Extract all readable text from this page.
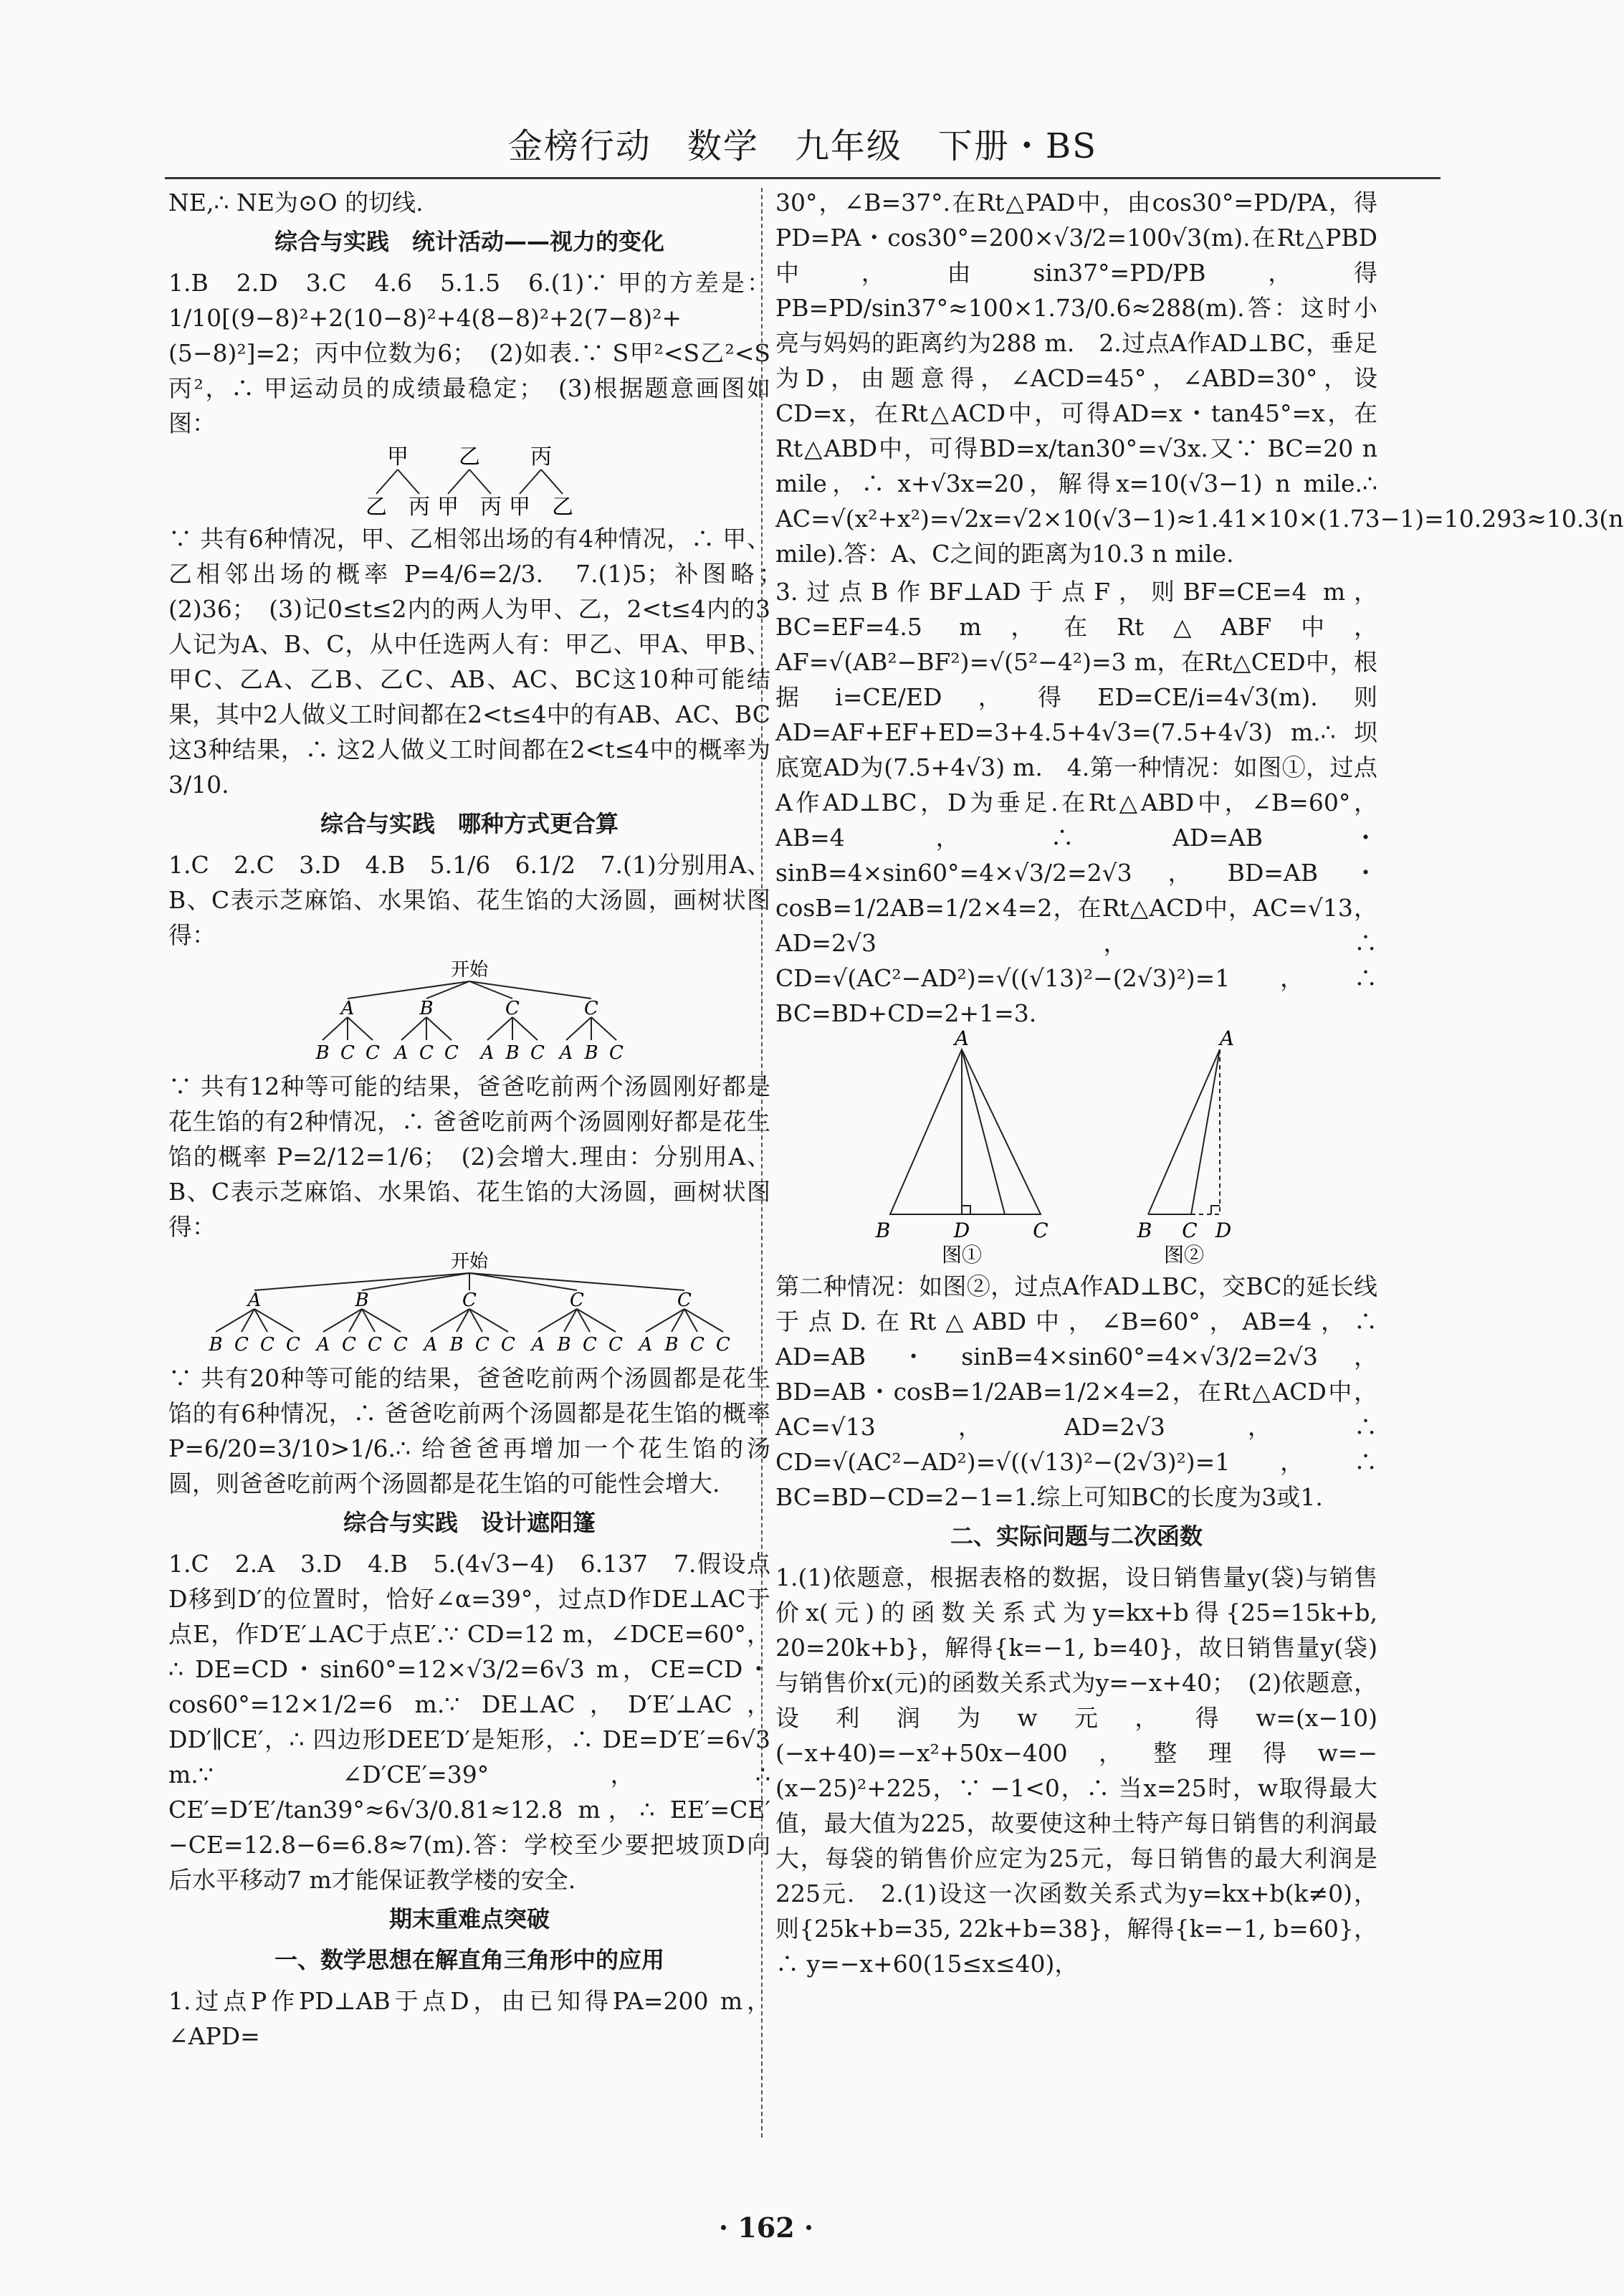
金榜行动　数学　九年级　下册・BS

NE,∴ NE为⊙O 的切线.

综合与实践　统计活动——视力的变化

1.B　2.D　3.C　4.6　5.1.5　6.(1)∵ 甲的方差是：1/10[(9−8)²+2(10−8)²+4(8−8)²+2(7−8)²+(5−8)²]=2；丙中位数为6；　(2)如表.∵ S甲²<S乙²<S丙²，∴ 甲运动员的成绩最稳定；　(3)根据题意画图如图：

甲 乙 丙
乙 丙 甲 丙 甲 乙

∵ 共有6种情况，甲、乙相邻出场的有4种情况，∴ 甲、乙相邻出场的概率 P=4/6=2/3.　7.(1)5；补图略；　(2)36；　(3)记0≤t≤2内的两人为甲、乙，2<t≤4内的3人记为A、B、C，从中任选两人有：甲乙、甲A、甲B、甲C、乙A、乙B、乙C、AB、AC、BC这10种可能结果，其中2人做义工时间都在2<t≤4中的有AB、AC、BC这3种结果，∴ 这2人做义工时间都在2<t≤4中的概率为3/10.

综合与实践　哪种方式更合算

1.C　2.C　3.D　4.B　5.1/6　6.1/2　7.(1)分别用A、B、C表示芝麻馅、水果馅、花生馅的大汤圆，画树状图得：

开始
A	B	C	C
B C C A C C A B C A B C

∵ 共有12种等可能的结果，爸爸吃前两个汤圆刚好都是花生馅的有2种情况，∴ 爸爸吃前两个汤圆刚好都是花生馅的概率 P=2/12=1/6；　(2)会增大.理由：分别用A、B、C表示芝麻馅、水果馅、花生馅的大汤圆，画树状图得：

开始
A	B	C	C	C
B C C C A C C C A B C C A B C C A B C C

∵ 共有20种等可能的结果，爸爸吃前两个汤圆都是花生馅的有6种情况，∴ 爸爸吃前两个汤圆都是花生馅的概率 P=6/20=3/10>1/6.∴ 给爸爸再增加一个花生馅的汤圆，则爸爸吃前两个汤圆都是花生馅的可能性会增大.

综合与实践　设计遮阳篷

1.C　2.A　3.D　4.B　5.(4√3−4)　6.137　7.假设点D移到D′的位置时，恰好∠α=39°，过点D作DE⊥AC于点E，作D′E′⊥AC于点E′.∵ CD=12 m，∠DCE=60°，∴ DE=CD・sin60°=12×√3/2=6√3 m，CE=CD・cos60°=12×1/2=6 m.∵ DE⊥AC，D′E′⊥AC，DD′∥CE′，∴ 四边形DEE′D′是矩形，∴ DE=D′E′=6√3 m.∵ ∠D′CE′=39°，∴ CE′=D′E′/tan39°≈6√3/0.81≈12.8 m，∴ EE′=CE′−CE=12.8−6=6.8≈7(m).答：学校至少要把坡顶D向后水平移动7 m才能保证教学楼的安全.

期末重难点突破
一、数学思想在解直角三角形中的应用

1.过点P作PD⊥AB于点D，由已知得PA=200 m，∠APD=

30°，∠B=37°.在Rt△PAD中，由cos30°=PD/PA，得PD=PA・cos30°=200×√3/2=100√3(m).在Rt△PBD中，由sin37°=PD/PB，得PB=PD/sin37°≈100×1.73/0.6≈288(m).答：这时小亮与妈妈的距离约为288 m.　2.过点A作AD⊥BC，垂足为D，由题意得，∠ACD=45°，∠ABD=30°，设CD=x，在Rt△ACD中，可得AD=x・tan45°=x，在Rt△ABD中，可得BD=x/tan30°=√3x.又∵ BC=20 n mile，∴ x+√3x=20，解得x=10(√3−1) n mile.∴ AC=√(x²+x²)=√2x=√2×10(√3−1)≈1.41×10×(1.73−1)=10.293≈10.3(n mile).答：A、C之间的距离为10.3 n mile.

3.过点B作BF⊥AD于点F，则BF=CE=4 m，BC=EF=4.5 m，在Rt△ABF中，AF=√(AB²−BF²)=√(5²−4²)=3 m，在Rt△CED中，根据i=CE/ED，得ED=CE/i=4√3(m).则AD=AF+EF+ED=3+4.5+4√3=(7.5+4√3) m.∴ 坝底宽AD为(7.5+4√3) m.　4.第一种情况：如图①，过点A作AD⊥BC，D为垂足.在Rt△ABD中，∠B=60°，AB=4，∴ AD=AB・sinB=4×sin60°=4×√3/2=2√3，BD=AB・cosB=1/2AB=1/2×4=2，在Rt△ACD中，AC=√13，AD=2√3，∴ CD=√(AC²−AD²)=√((√13)²−(2√3)²)=1，∴ BC=BD+CD=2+1=3.

A
B	D	C
A
B C D
图①	图②

第二种情况：如图②，过点A作AD⊥BC，交BC的延长线于点D.在Rt△ABD中，∠B=60°，AB=4，∴ AD=AB・sinB=4×sin60°=4×√3/2=2√3，BD=AB・cosB=1/2AB=1/2×4=2，在Rt△ACD中，AC=√13，AD=2√3，∴ CD=√(AC²−AD²)=√((√13)²−(2√3)²)=1，∴ BC=BD−CD=2−1=1.综上可知BC的长度为3或1.

二、实际问题与二次函数

1.(1)依题意，根据表格的数据，设日销售量y(袋)与销售价x(元)的函数关系式为y=kx+b得{25=15k+b, 20=20k+b}，解得{k=−1, b=40}，故日销售量y(袋)与销售价x(元)的函数关系式为y=−x+40；　(2)依题意，设利润为w元，得w=(x−10)(−x+40)=−x²+50x−400，整理得w=−(x−25)²+225，∵ −1<0，∴ 当x=25时，w取得最大值，最大值为225，故要使这种土特产每日销售的利润最大，每袋的销售价应定为25元，每日销售的最大利润是225元.　2.(1)设这一次函数关系式为y=kx+b(k≠0)，则{25k+b=35, 22k+b=38}，解得{k=−1, b=60}，∴ y=−x+60(15≤x≤40)，

· 162 ·
